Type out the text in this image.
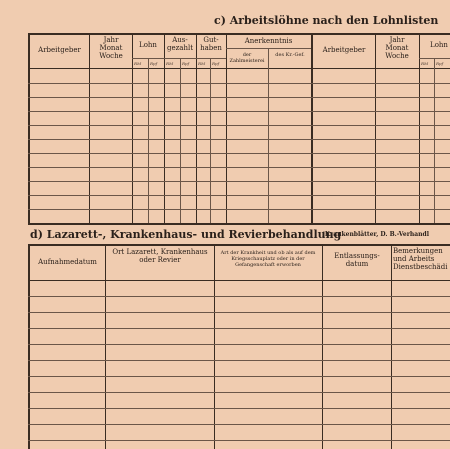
c) Arbeitslöhne nach den Lohnlisten
Arbeitgeber
Jahr Monat Woche
Lohn
Aus- gezahlt
Gut- haben
Anerkenntnis
der Zahlmeisterei
des Kr.-Gef.
Arbeitgeber
Jahr Monat Woche
Lohn
RM Rpf RM Rpf RM Rpf	RM Rpf
d) Lazarett-, Krankenhaus- und Revierbehandlung
(Krankenblätter, D. B.-Verhandl
Aufnahmedatum
Ort Lazarett, Krankenhaus oder Revier
Art der Krankheit und ob als auf dem Kriegsschauplatz oder in der Gefangenschaft erworben
Entlassungs- datum
Bemerkungen und Arbeits Dienstbeschädi
